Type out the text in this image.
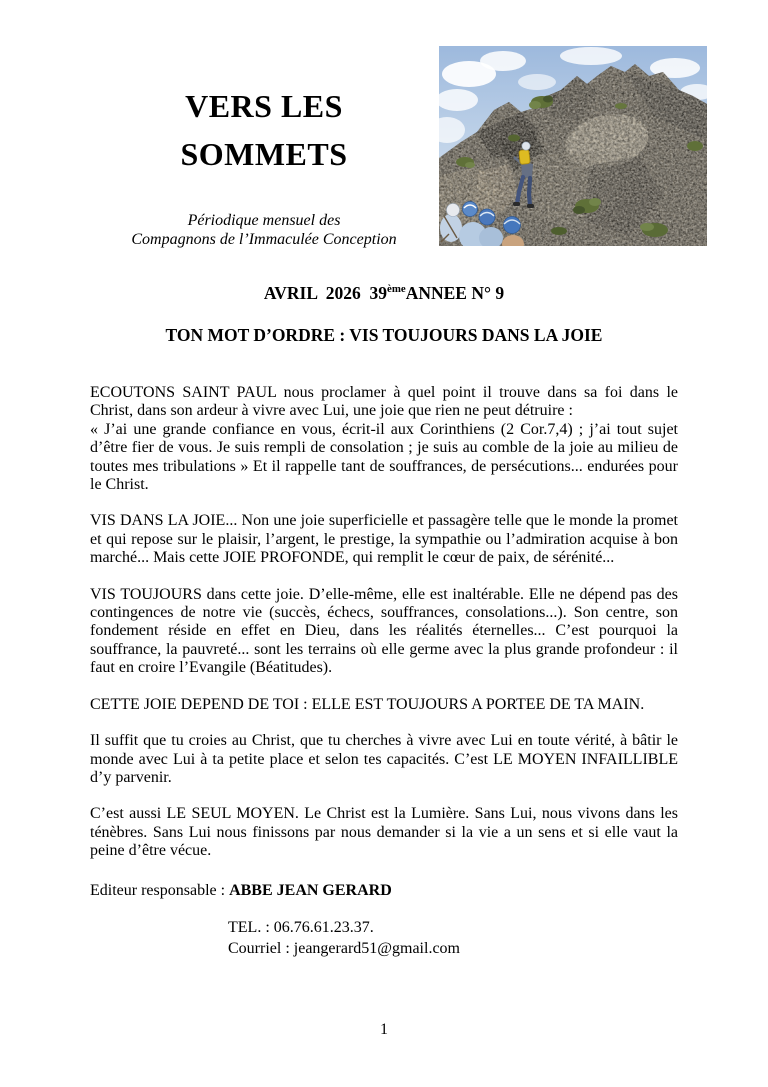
VERS LES
SOMMETS
Périodique mensuel des
Compagnons de l’Immaculée Conception
AVRIL  2026  39èmeANNEE N° 9
TON MOT D’ORDRE : VIS TOUJOURS DANS LA JOIE
ECOUTONS SAINT PAUL nous proclamer à quel point il trouve dans sa foi dans le Christ, dans son ardeur à vivre avec Lui, une joie que rien ne peut détruire :
« J’ai une grande confiance en vous, écrit-il aux Corinthiens (2 Cor.7,4) ; j’ai tout sujet d’être fier de vous. Je suis rempli de consolation ; je suis au comble de la joie au milieu de toutes mes tribulations » Et il rappelle tant de souffrances, de persécutions... endurées pour le Christ.
VIS DANS LA JOIE... Non une joie superficielle et passagère telle que le monde la promet et qui repose sur le plaisir, l’argent, le prestige, la sympathie ou l’admiration acquise à bon marché... Mais cette JOIE PROFONDE, qui remplit le cœur de paix, de sérénité...
VIS TOUJOURS dans cette joie. D’elle-même, elle est inaltérable. Elle ne dépend pas des contingences de notre vie (succès, échecs, souffrances, consolations...). Son centre, son fondement réside en effet en Dieu, dans les réalités éternelles... C’est pourquoi la souffrance, la pauvreté... sont les terrains où elle germe avec la plus grande profondeur : il faut en croire l’Evangile (Béatitudes).
CETTE JOIE DEPEND DE TOI : ELLE EST TOUJOURS A PORTEE DE TA MAIN.
Il suffit que tu croies au Christ, que tu cherches à vivre avec Lui en toute vérité, à bâtir le monde avec Lui à ta petite place et selon tes capacités. C’est LE MOYEN INFAILLIBLE d’y parvenir.
C’est aussi LE SEUL MOYEN. Le Christ est la Lumière. Sans Lui, nous vivons dans les ténèbres. Sans Lui nous finissons par nous demander si la vie a un sens et si elle vaut la peine d’être vécue.
Editeur responsable : ABBE JEAN GERARD
TEL. : 06.76.61.23.37.
Courriel : jeangerard51@gmail.com
1
